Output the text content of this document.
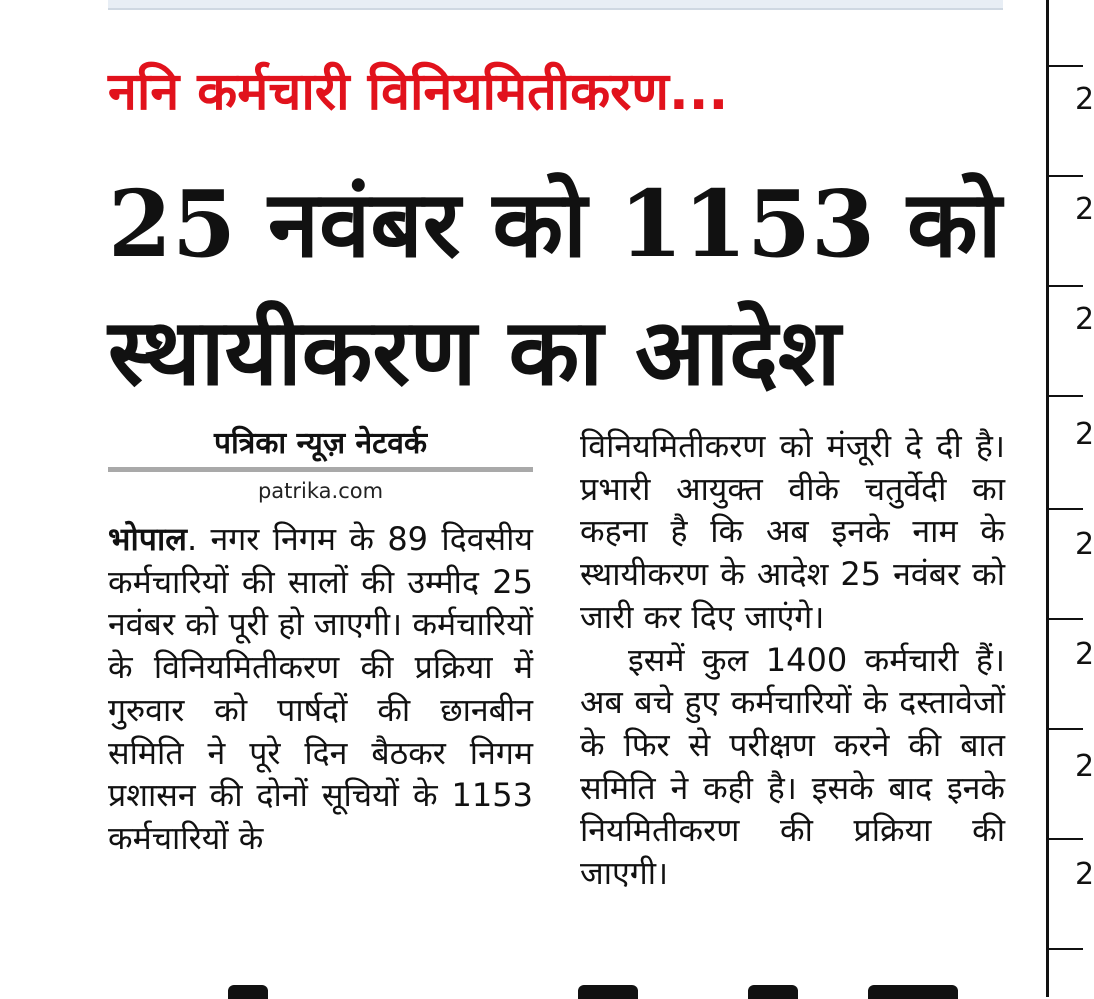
ननि कर्मचारी विनियमितीकरण...
25 नवंबर को 1153 को
स्थायीकरण का आदेश
पत्रिका न्यूज़ नेटवर्क
patrika.com

भोपाल. नगर निगम के 89 दिवसीय कर्मचारियों की सालों की उम्मीद 25 नवंबर को पूरी हो जाएगी। कर्मचारियों के विनियमितीकरण की प्रक्रिया में गुरुवार को पार्षदों की छानबीन समिति ने पूरे दिन बैठकर निगम प्रशासन की दोनों सूचियों के 1153 कर्मचारियों के

विनियमितीकरण को मंजूरी दे दी है। प्रभारी आयुक्त वीके चतुर्वेदी का कहना है कि अब इनके नाम के स्थायीकरण के आदेश 25 नवंबर को जारी कर दिए जाएंगे।

इसमें कुल 1400 कर्मचारी हैं। अब बचे हुए कर्मचारियों के दस्तावेजों के फिर से परीक्षण करने की बात समिति ने कही है। इसके बाद इनके नियमितीकरण की प्रक्रिया की जाएगी।

2
2
2
2
2
2
2
2
